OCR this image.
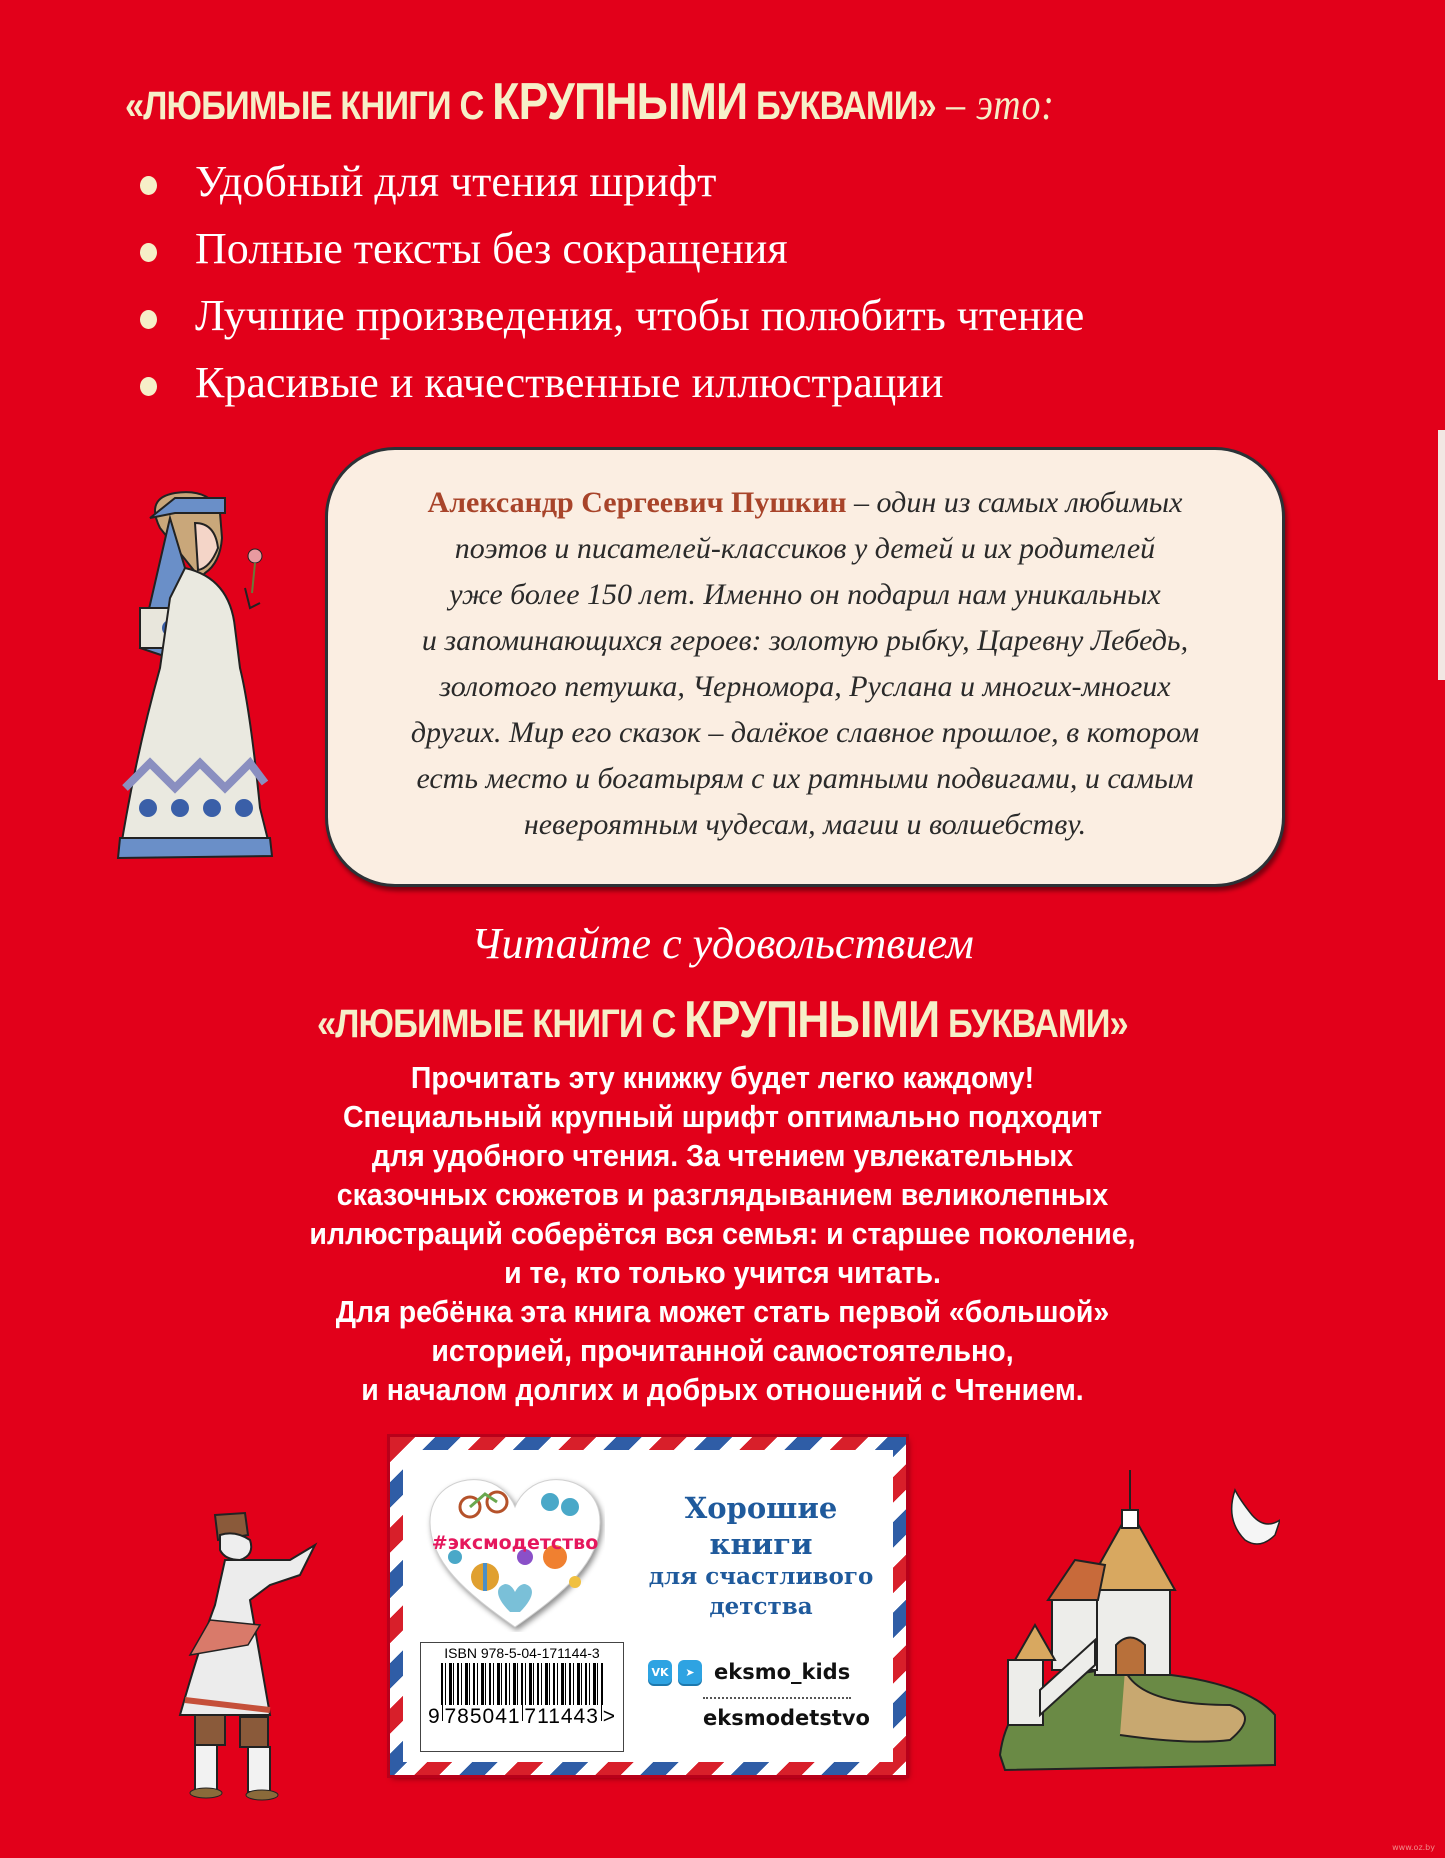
«ЛЮБИМЫЕ КНИГИ С КРУПНЫМИ БУКВАМИ» – это:
Удобный для чтения шрифт
Полные тексты без сокращения
Лучшие произведения, чтобы полюбить чтение
Красивые и качественные иллюстрации

Александр Сергеевич Пушкин – один из самых любимых

поэтов и писателей-классиков у детей и их родителей

уже более 150 лет. Именно он подарил нам уникальных

и запоминающихся героев: золотую рыбку, Царевну Лебедь,

золотого петушка, Черномора, Руслана и многих-многих

других. Мир его сказок – далёкое славное прошлое, в котором

есть место и богатырям с их ратными подвигами, и самым

невероятным чудесам, магии и волшебству.

Читайте с удовольствием
«ЛЮБИМЫЕ КНИГИ С КРУПНЫМИ БУКВАМИ»
Прочитать эту книжку будет легко каждому!
Специальный крупный шрифт оптимально подходит
для удобного чтения. За чтением увлекательных
сказочных сюжетов и разглядыванием великолепных
иллюстраций соберётся вся семья: и старшее поколение,
и те, кто только учится читать.
Для ребёнка эта книга может стать первой «большой»
историей, прочитанной самостоятельно,
и началом долгих и добрых отношений с Чтением.
#эксмодетство
ISBN 978-5-04-171144-3
9 785041 711443 >
Хорошие
книги
для счастливого
детства
VK	➤ eksmo_kids
eksmodetstvo
www.oz.by
